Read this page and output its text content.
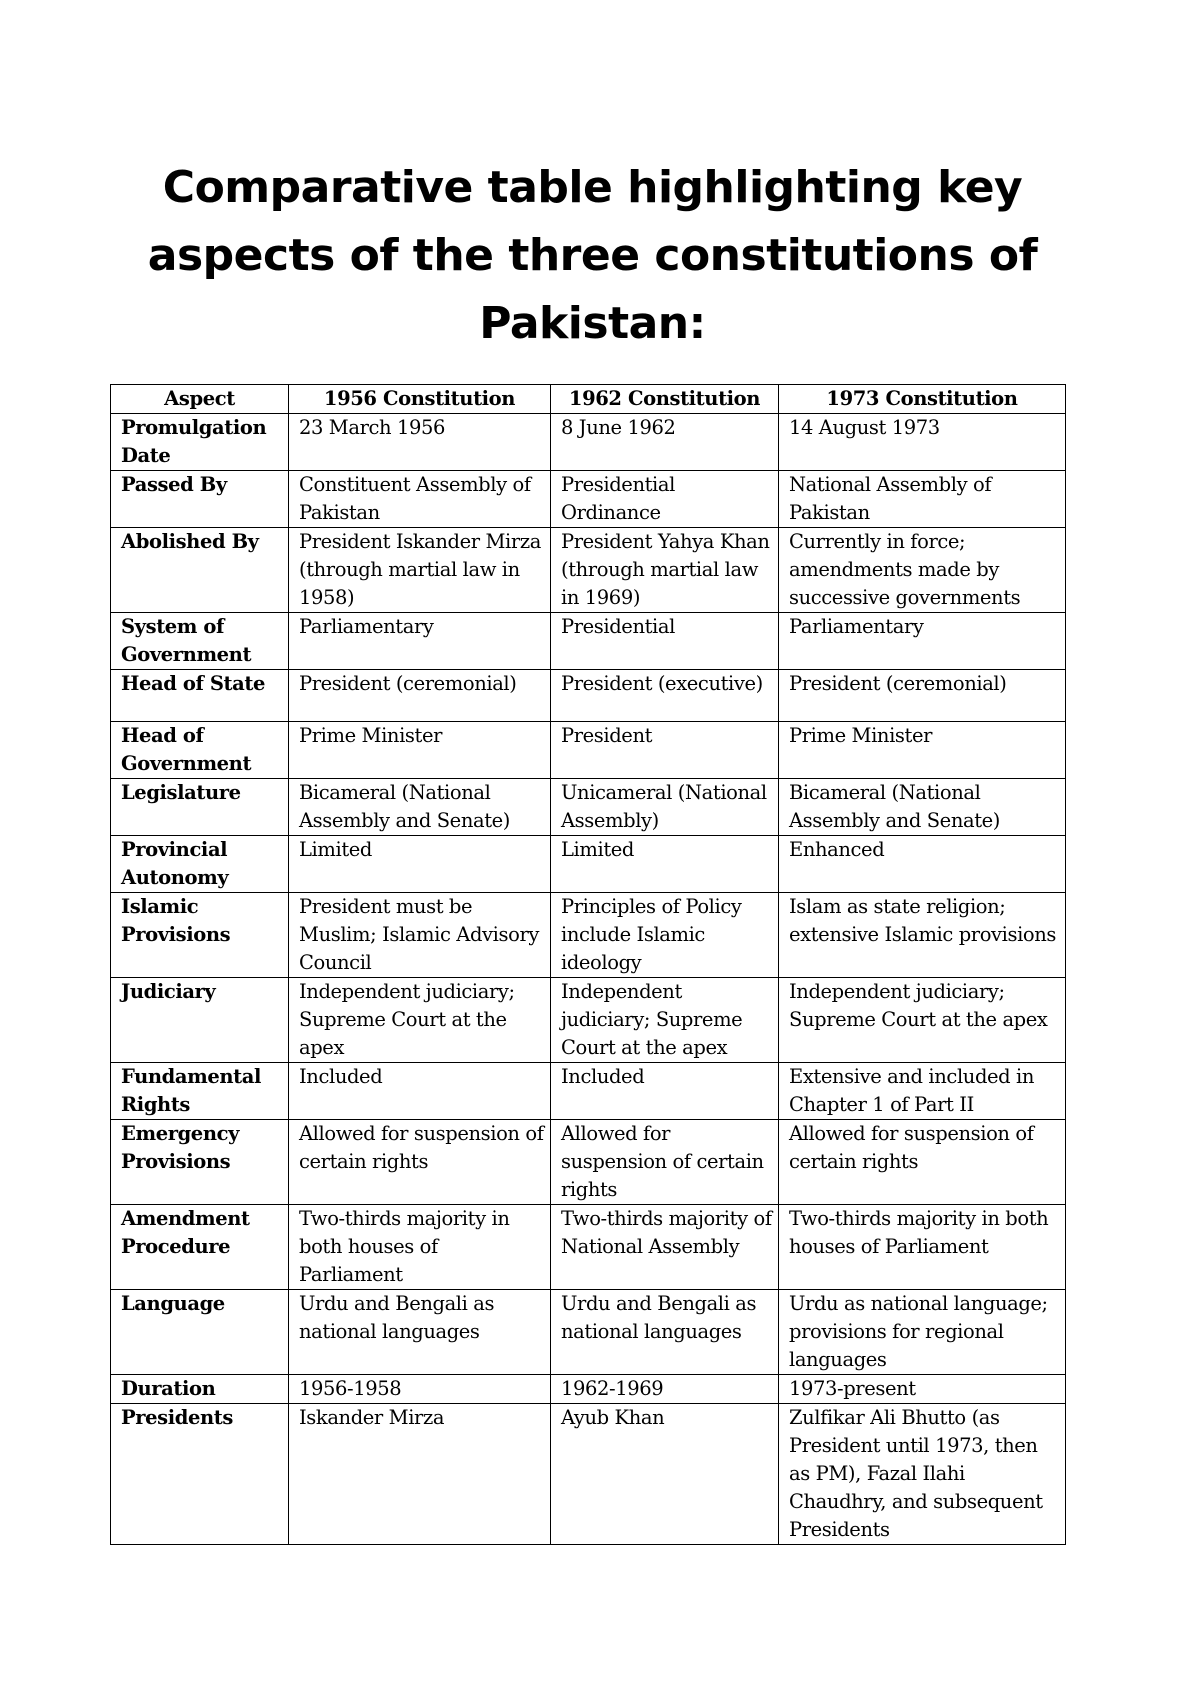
Comparative table highlighting key
aspects of the three constitutions of
Pakistan:
Aspect	1956 Constitution	1962 Constitution	1973 Constitution
Promulgation Date	23 March 1956	8 June 1962	14 August 1973
Passed By	Constituent Assembly of Pakistan	Presidential Ordinance	National Assembly of Pakistan
Abolished By	President Iskander Mirza (through martial law in 1958)	President Yahya Khan (through martial law in 1969)	Currently in force; amendments made by successive governments
System of Government	Parliamentary	Presidential	Parliamentary
Head of State	President (ceremonial)	President (executive)	President (ceremonial)
Head of Government	Prime Minister	President	Prime Minister
Legislature	Bicameral (National Assembly and Senate)	Unicameral (National Assembly)	Bicameral (National Assembly and Senate)
Provincial Autonomy	Limited	Limited	Enhanced
Islamic Provisions	President must be Muslim; Islamic Advisory Council	Principles of Policy include Islamic ideology	Islam as state religion; extensive Islamic provisions
Judiciary	Independent judiciary; Supreme Court at the apex	Independent judiciary; Supreme Court at the apex	Independent judiciary; Supreme Court at the apex
Fundamental Rights	Included	Included	Extensive and included in Chapter 1 of Part II
Emergency Provisions	Allowed for suspension of certain rights	Allowed for suspension of certain rights	Allowed for suspension of certain rights
Amendment Procedure	Two-thirds majority in both houses of Parliament	Two-thirds majority of National Assembly	Two-thirds majority in both houses of Parliament
Language	Urdu and Bengali as national languages	Urdu and Bengali as national languages	Urdu as national language; provisions for regional languages
Duration	1956-1958	1962-1969	1973-present
Presidents	Iskander Mirza	Ayub Khan	Zulfikar Ali Bhutto (as President until 1973, then as PM), Fazal Ilahi Chaudhry, and subsequent Presidents
